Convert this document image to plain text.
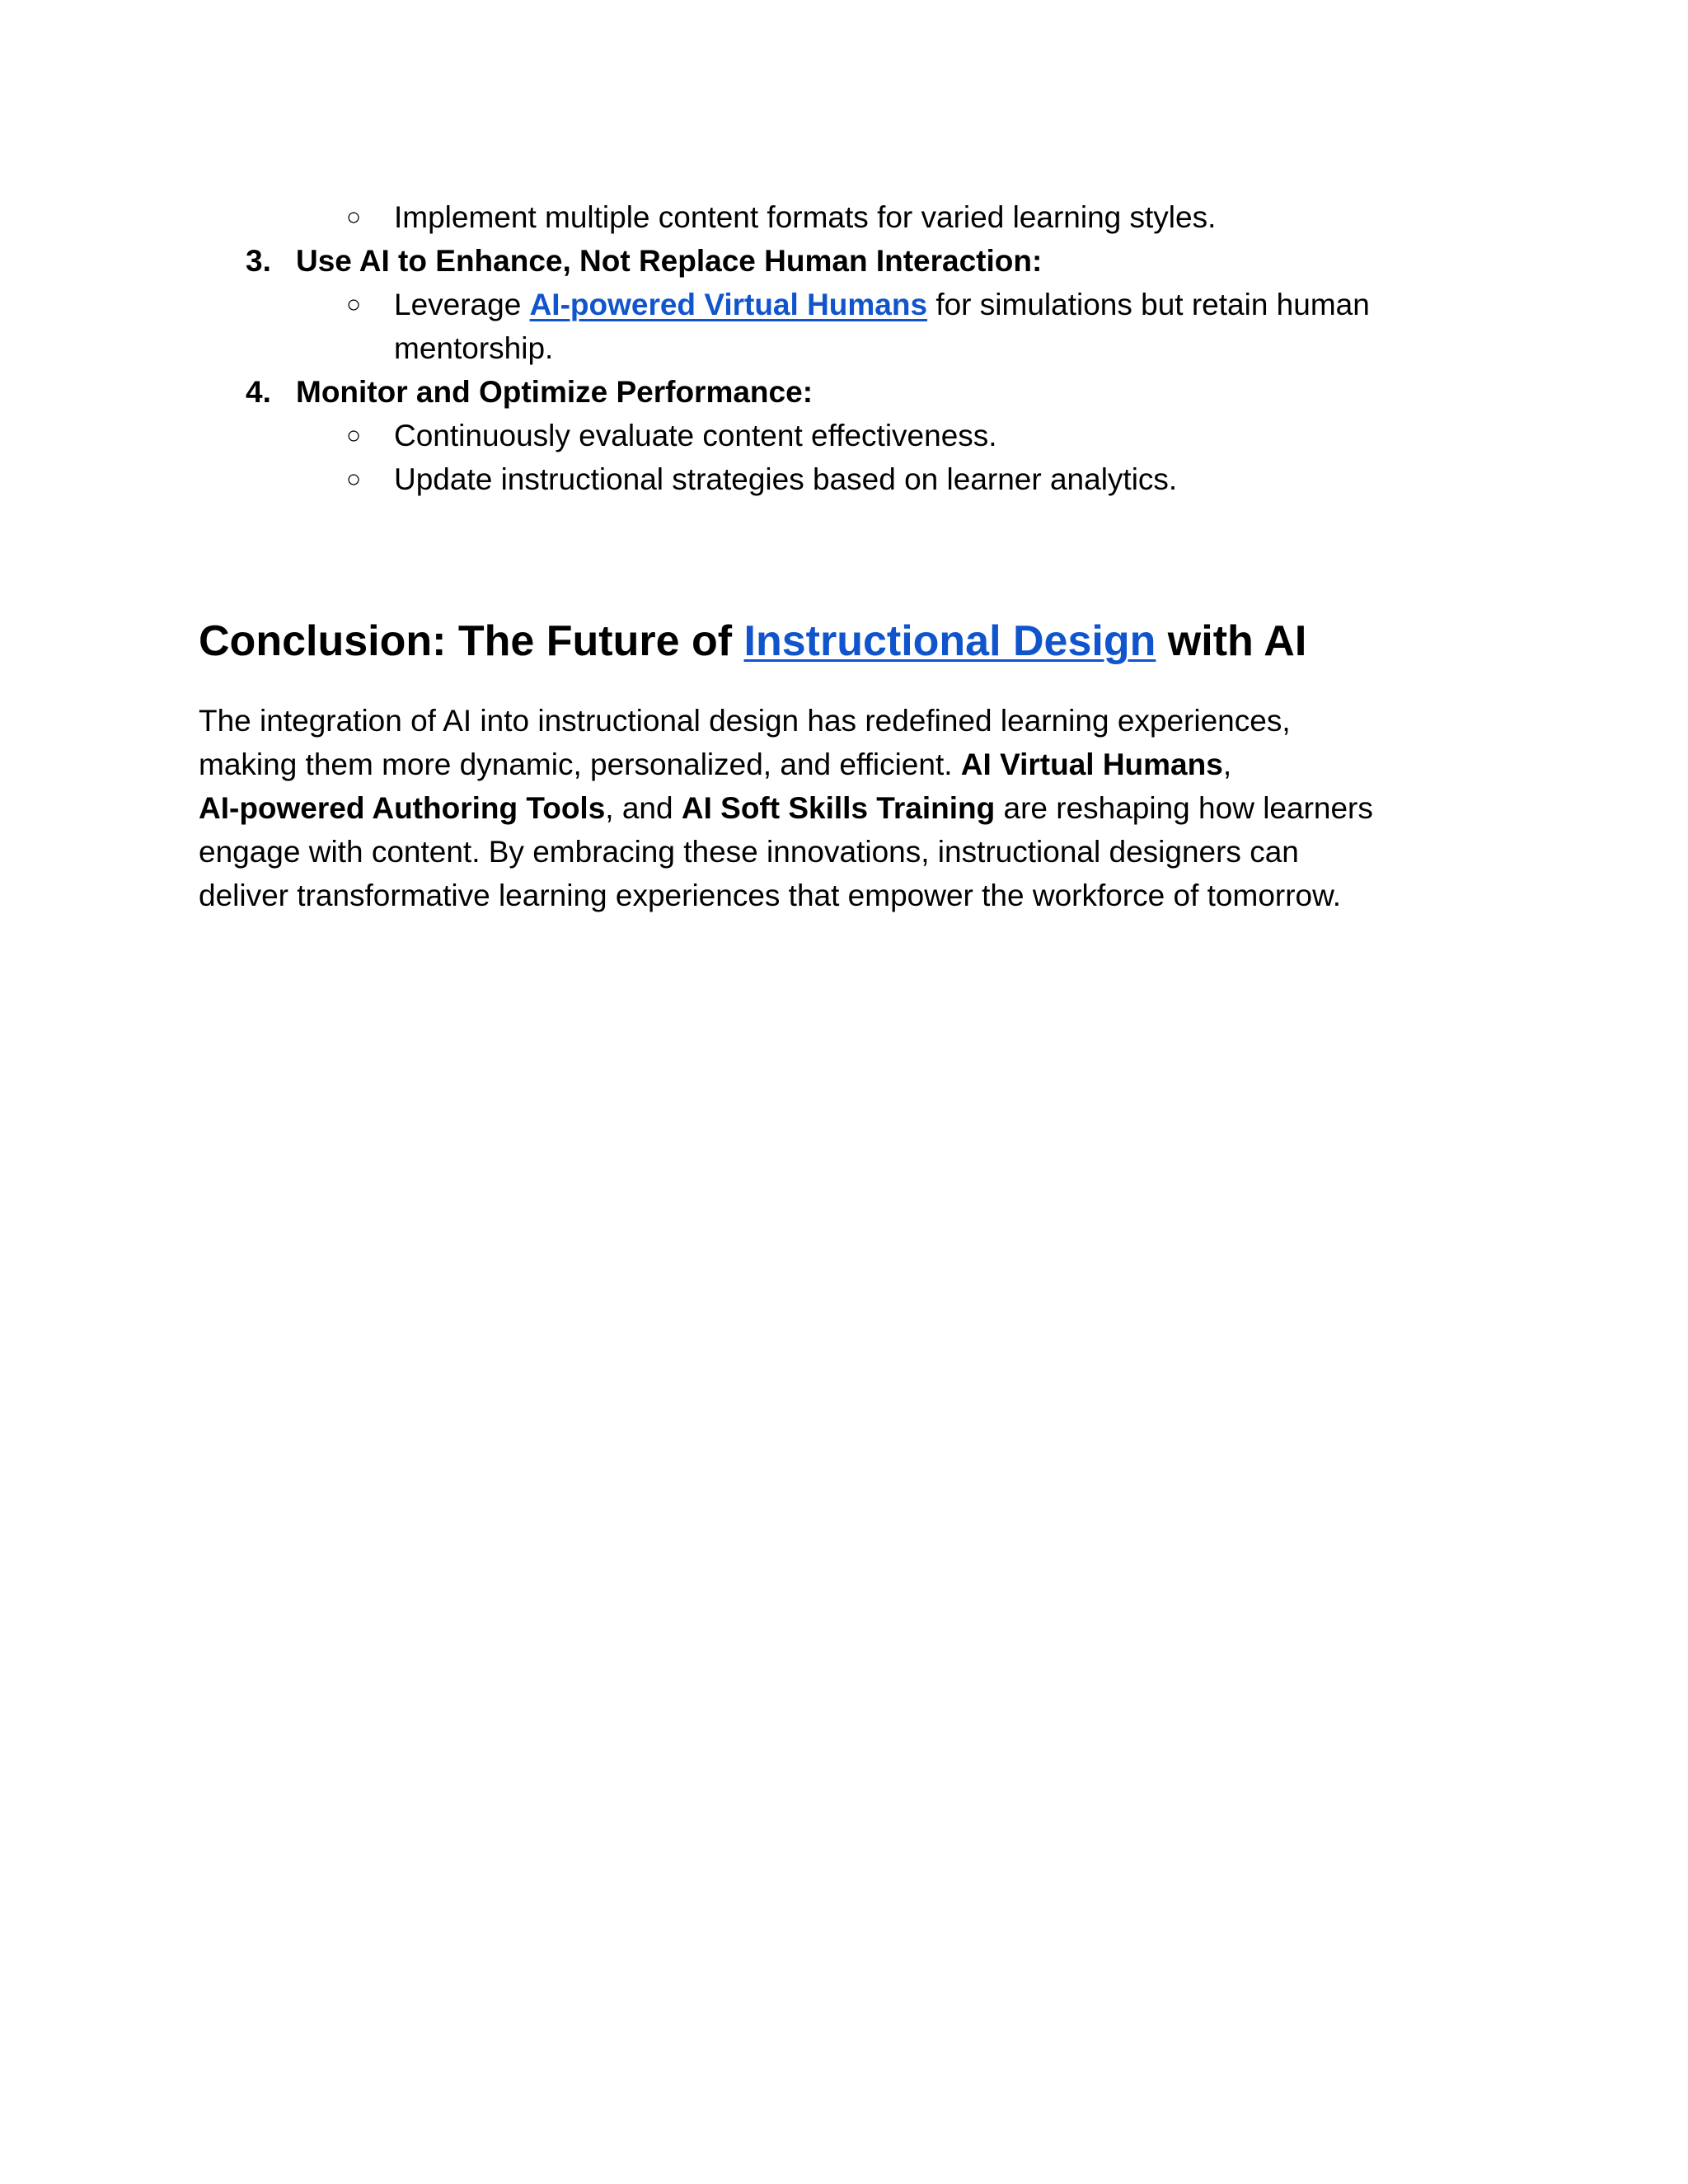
○ Implement multiple content formats for varied learning styles.
3. Use AI to Enhance, Not Replace Human Interaction:
○ Leverage AI-powered Virtual Humans for simulations but retain human
mentorship.
4. Monitor and Optimize Performance:
○ Continuously evaluate content effectiveness.
○ Update instructional strategies based on learner analytics.
Conclusion: The Future of Instructional Design with AI
The integration of AI into instructional design has redefined learning experiences,
making them more dynamic, personalized, and efficient. AI Virtual Humans,
AI-powered Authoring Tools, and AI Soft Skills Training are reshaping how learners
engage with content. By embracing these innovations, instructional designers can
deliver transformative learning experiences that empower the workforce of tomorrow.
